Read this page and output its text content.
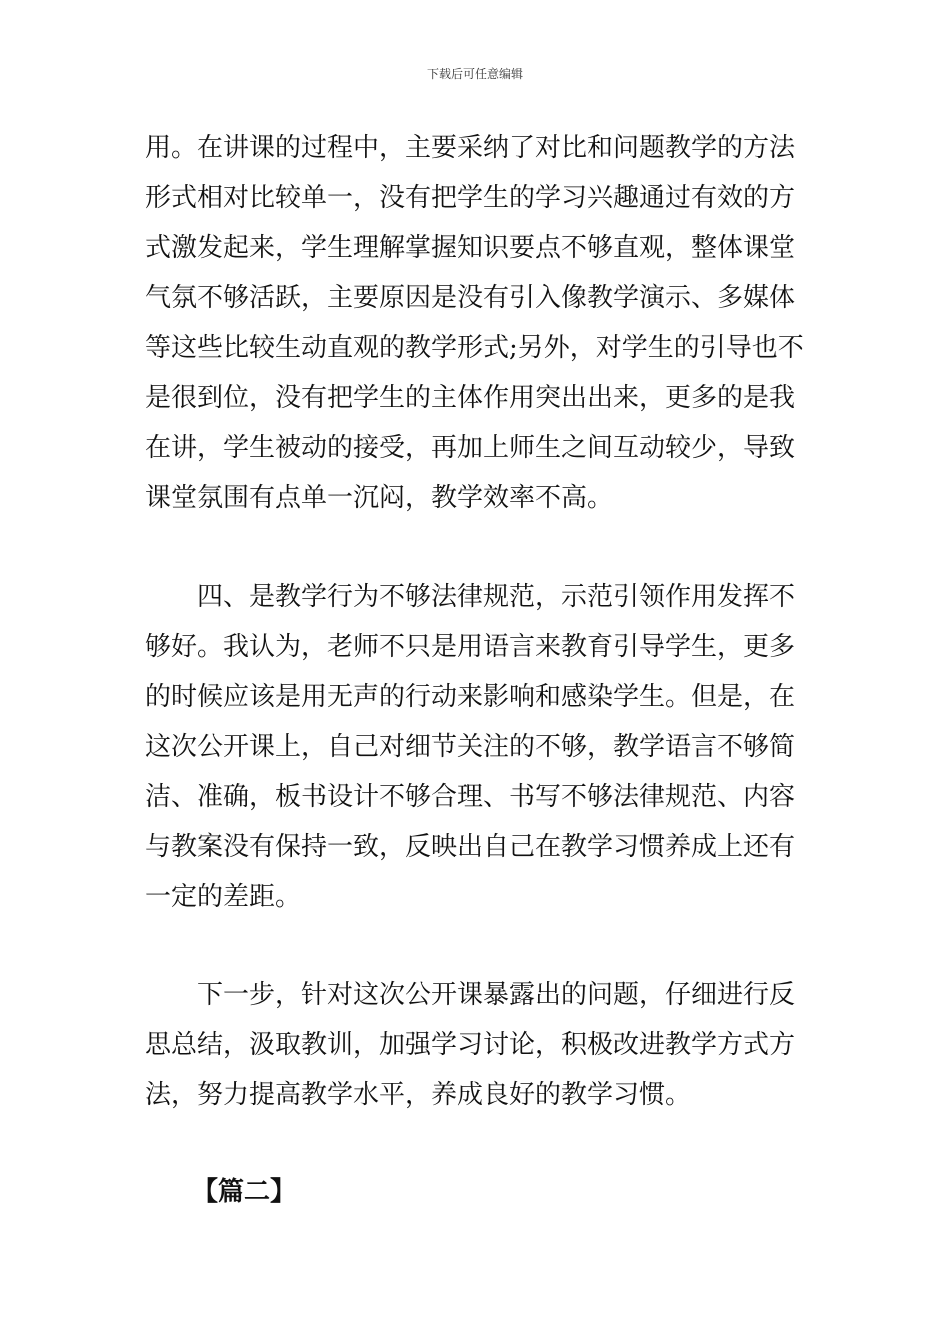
下载后可任意编辑
用。在讲课的过程中，主要采纳了对比和问题教学的方法
形式相对比较单一，没有把学生的学习兴趣通过有效的方
式激发起来，学生理解掌握知识要点不够直观，整体课堂
气氛不够活跃，主要原因是没有引入像教学演示、多媒体
等这些比较生动直观的教学形式;另外，对学生的引导也不
是很到位，没有把学生的主体作用突出出来，更多的是我
在讲，学生被动的接受，再加上师生之间互动较少，导致
课堂氛围有点单一沉闷，教学效率不高。
四、是教学行为不够法律规范，示范引领作用发挥不
够好。我认为，老师不只是用语言来教育引导学生，更多
的时候应该是用无声的行动来影响和感染学生。但是，在
这次公开课上，自己对细节关注的不够，教学语言不够简
洁、准确，板书设计不够合理、书写不够法律规范、内容
与教案没有保持一致，反映出自己在教学习惯养成上还有
一定的差距。
下一步，针对这次公开课暴露出的问题，仔细进行反
思总结，汲取教训，加强学习讨论，积极改进教学方式方
法，努力提高教学水平，养成良好的教学习惯。
【篇二】
